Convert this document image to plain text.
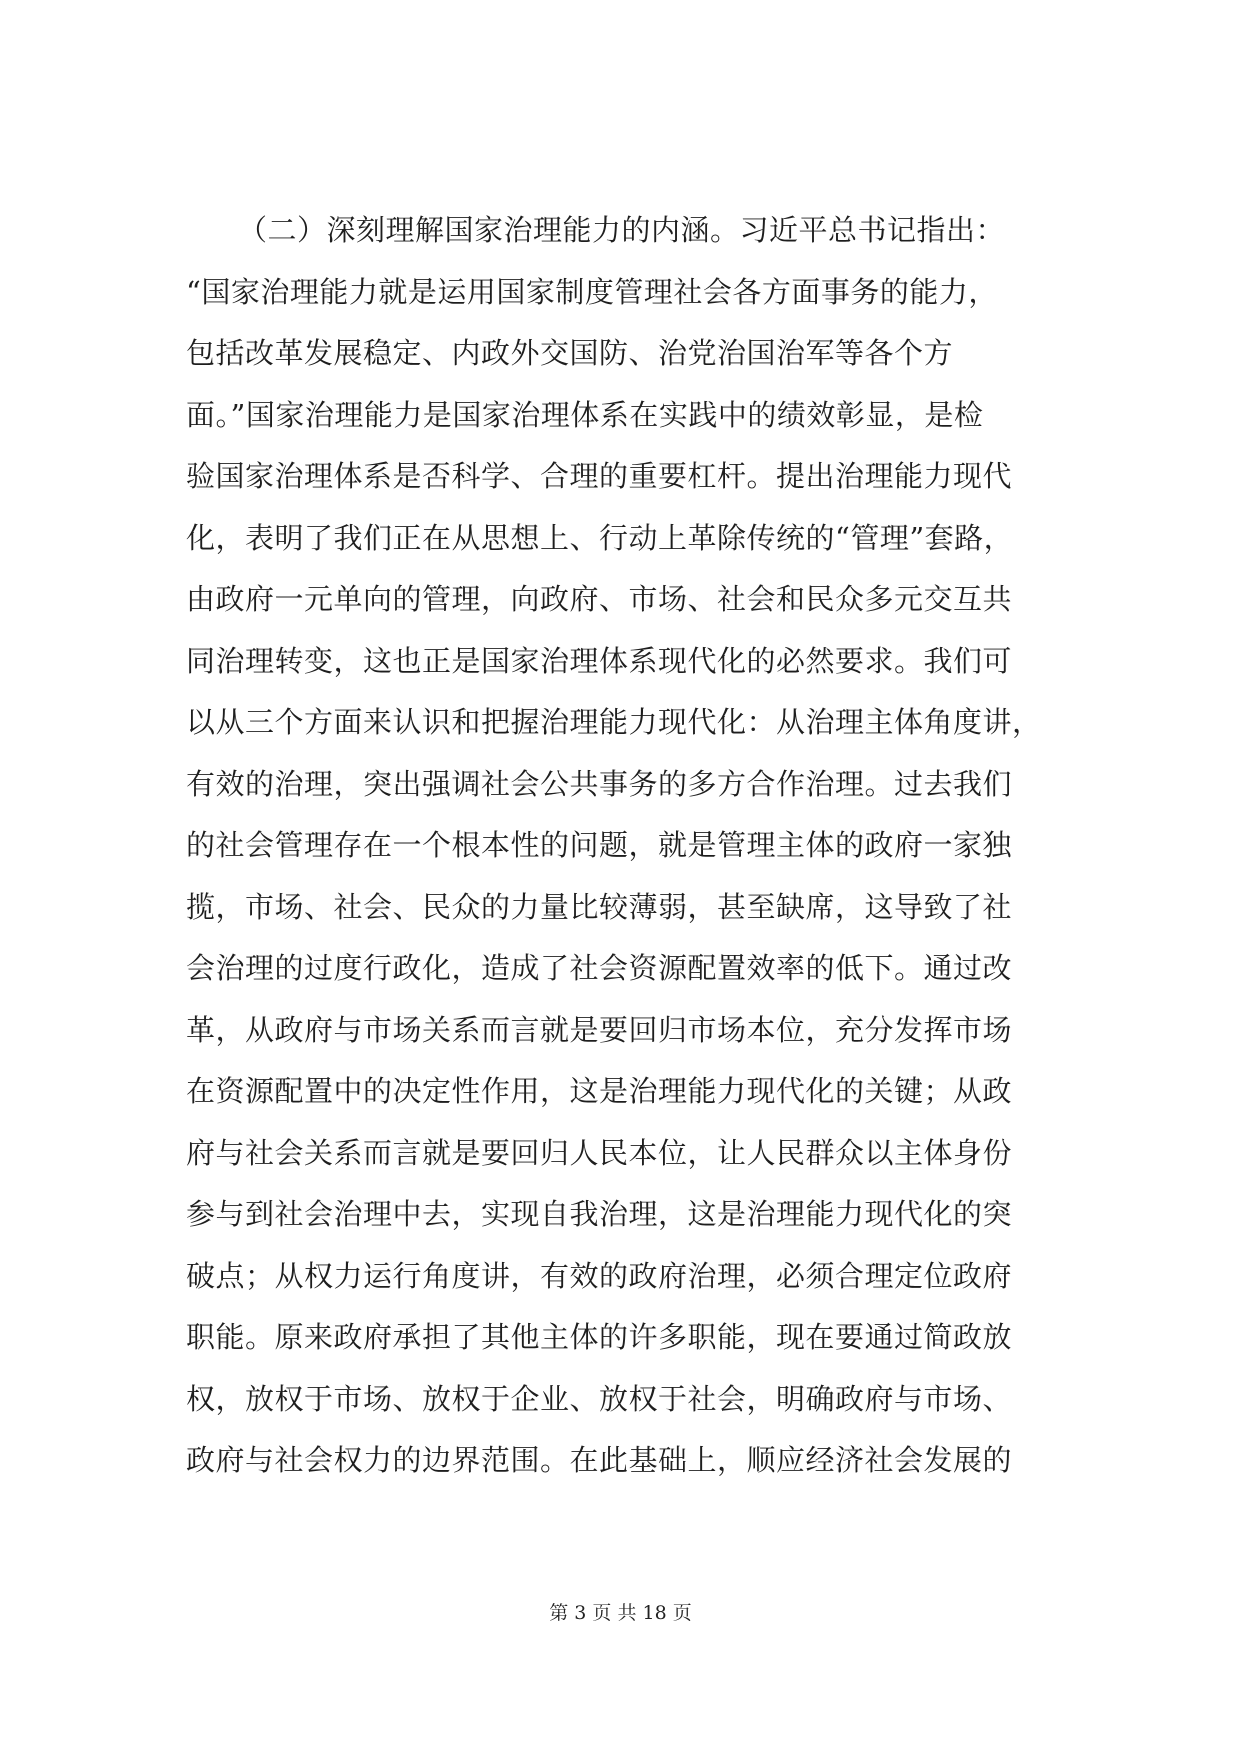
（二）深刻理解国家治理能力的内涵。习近平总书记指出：
“国家治理能力就是运用国家制度管理社会各方面事务的能力，
包括改革发展稳定、内政外交国防、治党治国治军等各个方
面。”国家治理能力是国家治理体系在实践中的绩效彰显，是检
验国家治理体系是否科学、合理的重要杠杆。提出治理能力现代
化，表明了我们正在从思想上、行动上革除传统的“管理”套路，
由政府一元单向的管理，向政府、市场、社会和民众多元交互共
同治理转变，这也正是国家治理体系现代化的必然要求。我们可
以从三个方面来认识和把握治理能力现代化：从治理主体角度讲，
有效的治理，突出强调社会公共事务的多方合作治理。过去我们
的社会管理存在一个根本性的问题，就是管理主体的政府一家独
揽，市场、社会、民众的力量比较薄弱，甚至缺席，这导致了社
会治理的过度行政化，造成了社会资源配置效率的低下。通过改
革，从政府与市场关系而言就是要回归市场本位，充分发挥市场
在资源配置中的决定性作用，这是治理能力现代化的关键；从政
府与社会关系而言就是要回归人民本位，让人民群众以主体身份
参与到社会治理中去，实现自我治理，这是治理能力现代化的突
破点；从权力运行角度讲，有效的政府治理，必须合理定位政府
职能。原来政府承担了其他主体的许多职能，现在要通过简政放
权，放权于市场、放权于企业、放权于社会，明确政府与市场、
政府与社会权力的边界范围。在此基础上，顺应经济社会发展的
第 3 页 共 18 页
